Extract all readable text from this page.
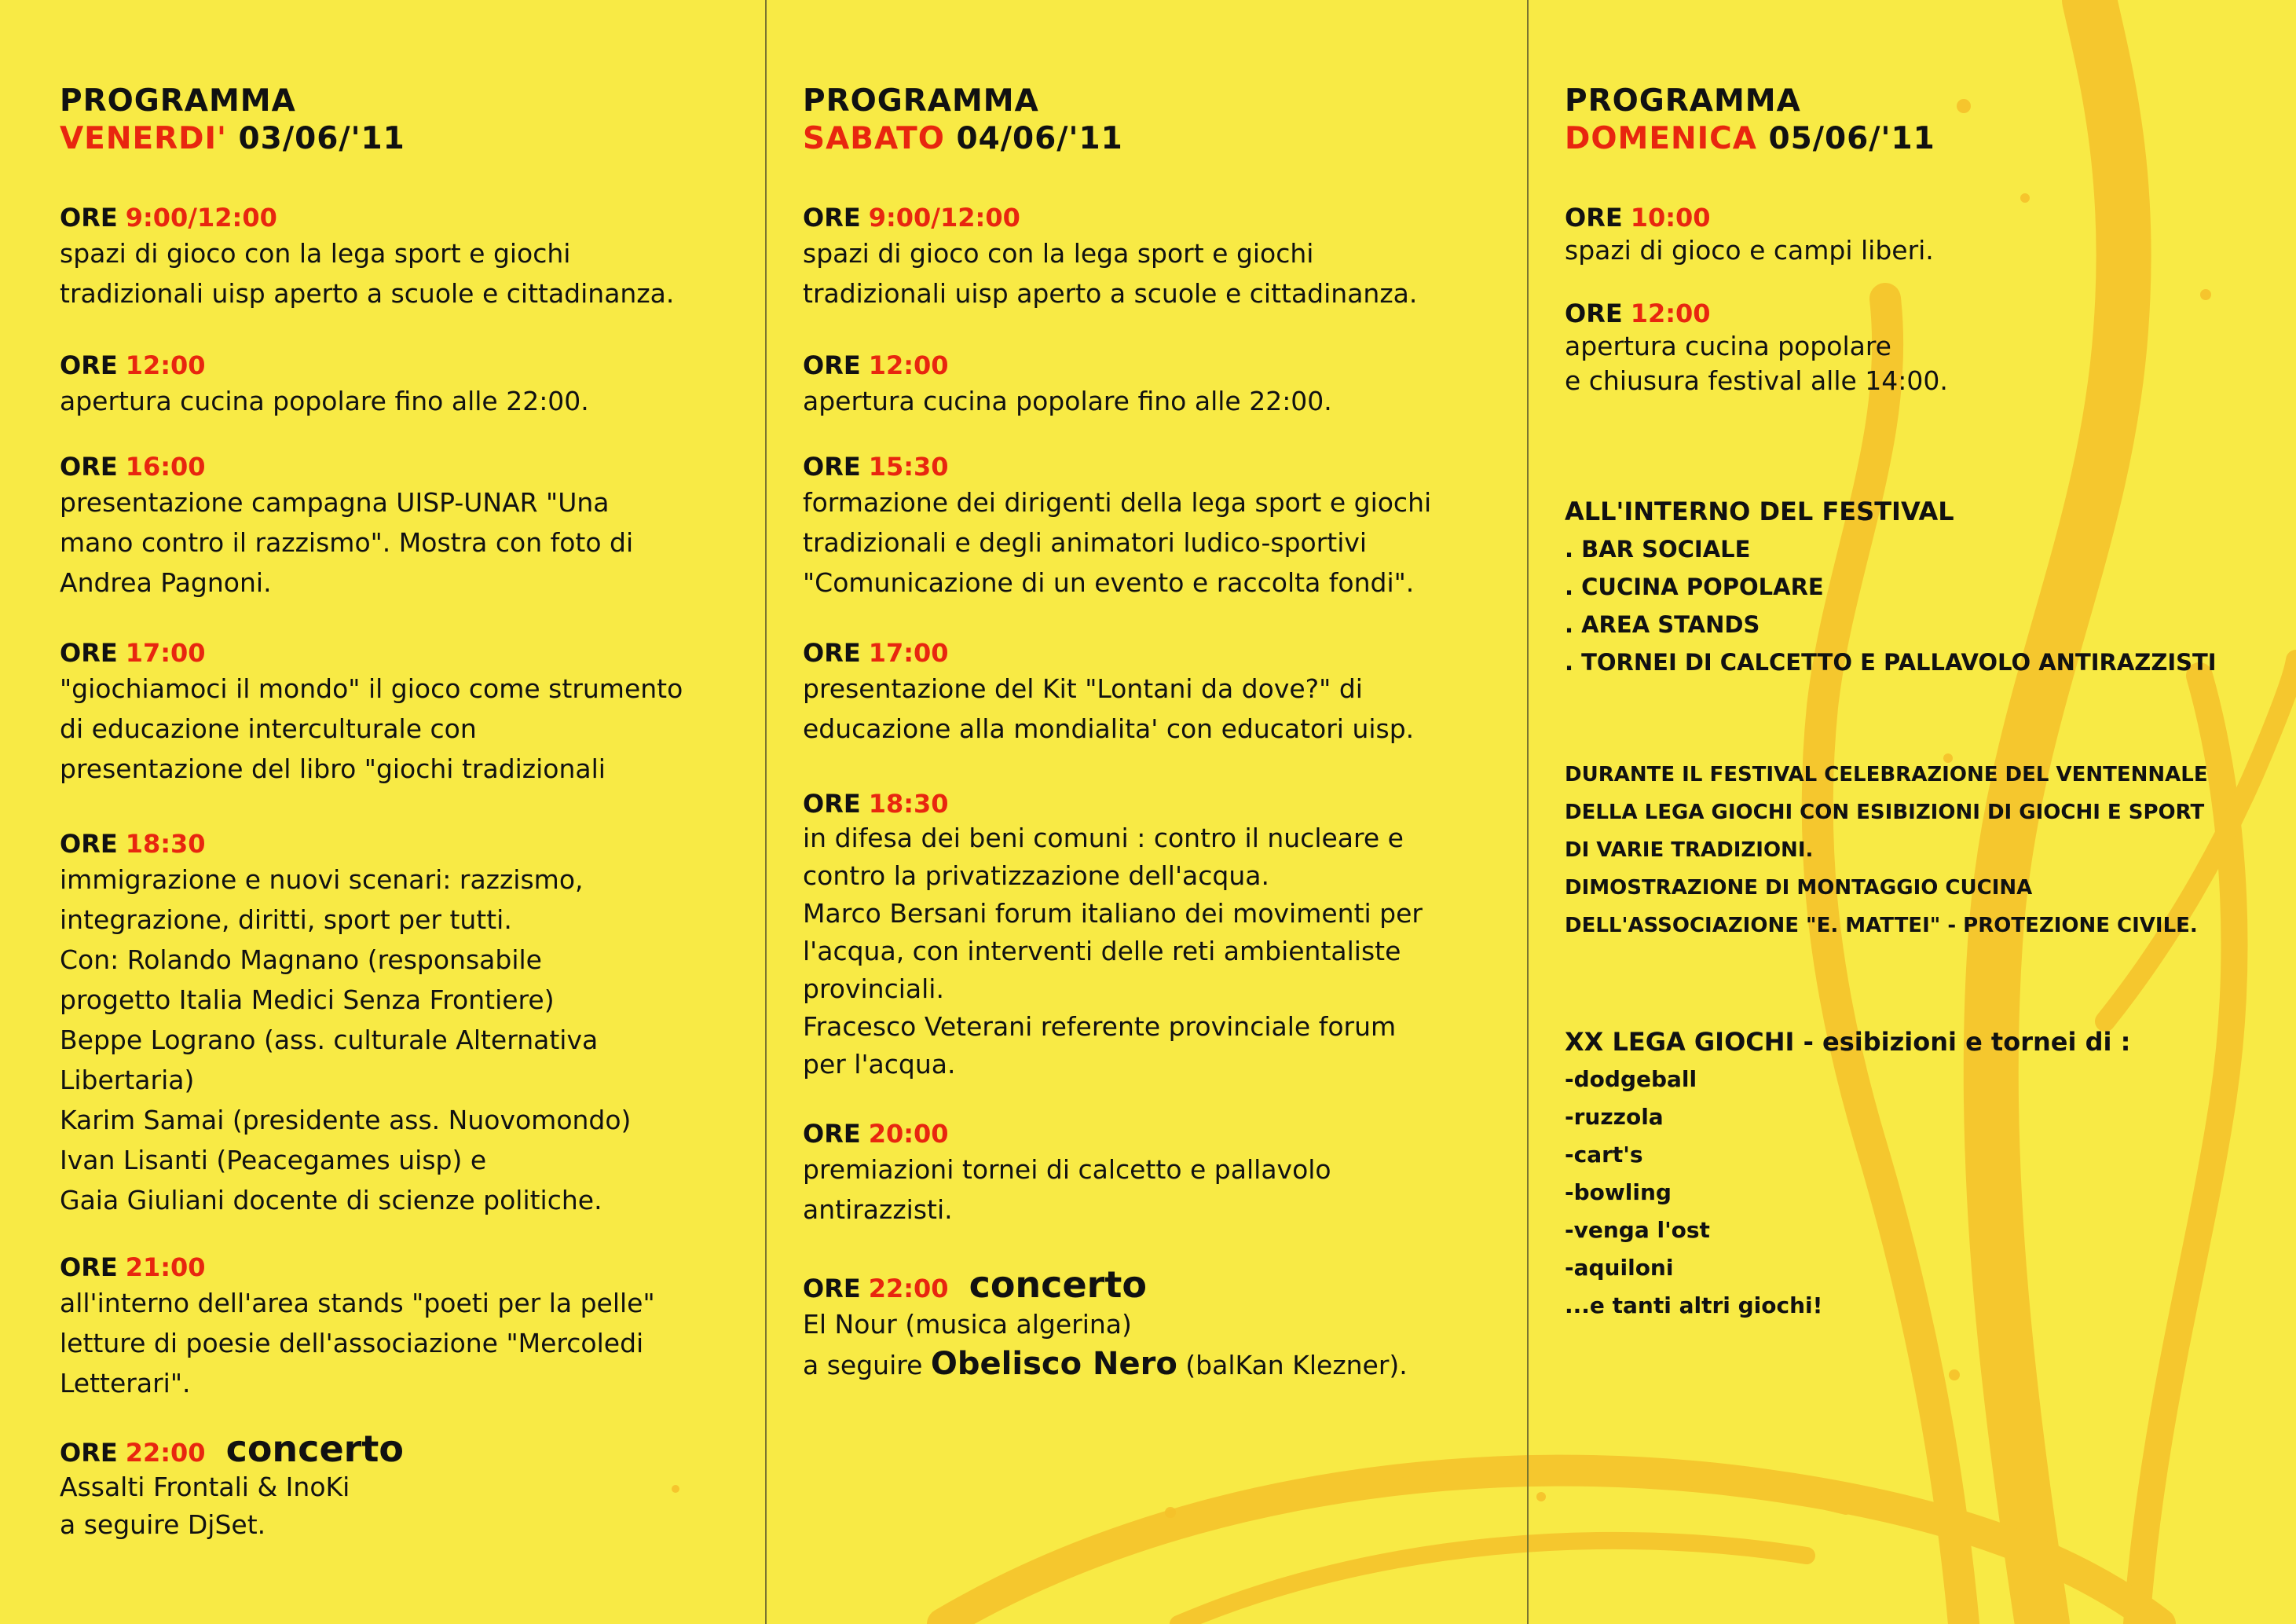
PROGRAMMA
VENERDI' 03/06/'11
ORE 9:00/12:00
spazi di gioco con la lega sport e giochi
tradizionali uisp aperto a scuole e cittadinanza.
ORE 12:00
apertura cucina popolare fino alle 22:00.
ORE 16:00
presentazione campagna UISP-UNAR "Una
mano contro il razzismo". Mostra con foto di
Andrea Pagnoni.
ORE 17:00
"giochiamoci il mondo" il gioco come strumento
di educazione interculturale con
presentazione del libro "giochi tradizionali
ORE 18:30
immigrazione e nuovi scenari: razzismo,
integrazione, diritti, sport per tutti.
Con: Rolando Magnano (responsabile
progetto Italia Medici Senza Frontiere)
Beppe Lograno (ass. culturale Alternativa
Libertaria)
Karim Samai (presidente ass. Nuovomondo)
Ivan Lisanti (Peacegames uisp) e
Gaia Giuliani docente di scienze politiche.
ORE 21:00
all'interno dell'area stands "poeti per la pelle"
letture di poesie dell'associazione "Mercoledi
Letterari".
ORE 22:00 concerto
Assalti Frontali & InoKi
a seguire DjSet.
PROGRAMMA
SABATO 04/06/'11
ORE 9:00/12:00
spazi di gioco con la lega sport e giochi
tradizionali uisp aperto a scuole e cittadinanza.
ORE 12:00
apertura cucina popolare fino alle 22:00.
ORE 15:30
formazione dei dirigenti della lega sport e giochi
tradizionali e degli animatori ludico-sportivi
"Comunicazione di un evento e raccolta fondi".
ORE 17:00
presentazione del Kit "Lontani da dove?" di
educazione alla mondialita' con educatori uisp.
ORE 18:30
in difesa dei beni comuni : contro il nucleare e
contro la privatizzazione dell'acqua.
Marco Bersani forum italiano dei movimenti per
l'acqua, con interventi delle reti ambientaliste
provinciali.
Fracesco Veterani referente provinciale forum
per l'acqua.
ORE 20:00
premiazioni tornei di calcetto e pallavolo
antirazzisti.
ORE 22:00 concerto
El Nour (musica algerina)
a seguire Obelisco Nero (balKan Klezner).
PROGRAMMA
DOMENICA 05/06/'11
ORE 10:00
spazi di gioco e campi liberi.
ORE 12:00
apertura cucina popolare
e chiusura festival alle 14:00.
ALL'INTERNO DEL FESTIVAL
. BAR SOCIALE
. CUCINA POPOLARE
. AREA STANDS
. TORNEI DI CALCETTO E PALLAVOLO ANTIRAZZISTI
DURANTE IL FESTIVAL CELEBRAZIONE DEL VENTENNALE
DELLA LEGA GIOCHI CON ESIBIZIONI DI GIOCHI E SPORT
DI VARIE TRADIZIONI.
DIMOSTRAZIONE DI MONTAGGIO CUCINA
DELL'ASSOCIAZIONE "E. MATTEI" - PROTEZIONE CIVILE.
XX LEGA GIOCHI - esibizioni e tornei di :
-dodgeball
-ruzzola
-cart's
-bowling
-venga l'ost
-aquiloni
...e tanti altri giochi!
